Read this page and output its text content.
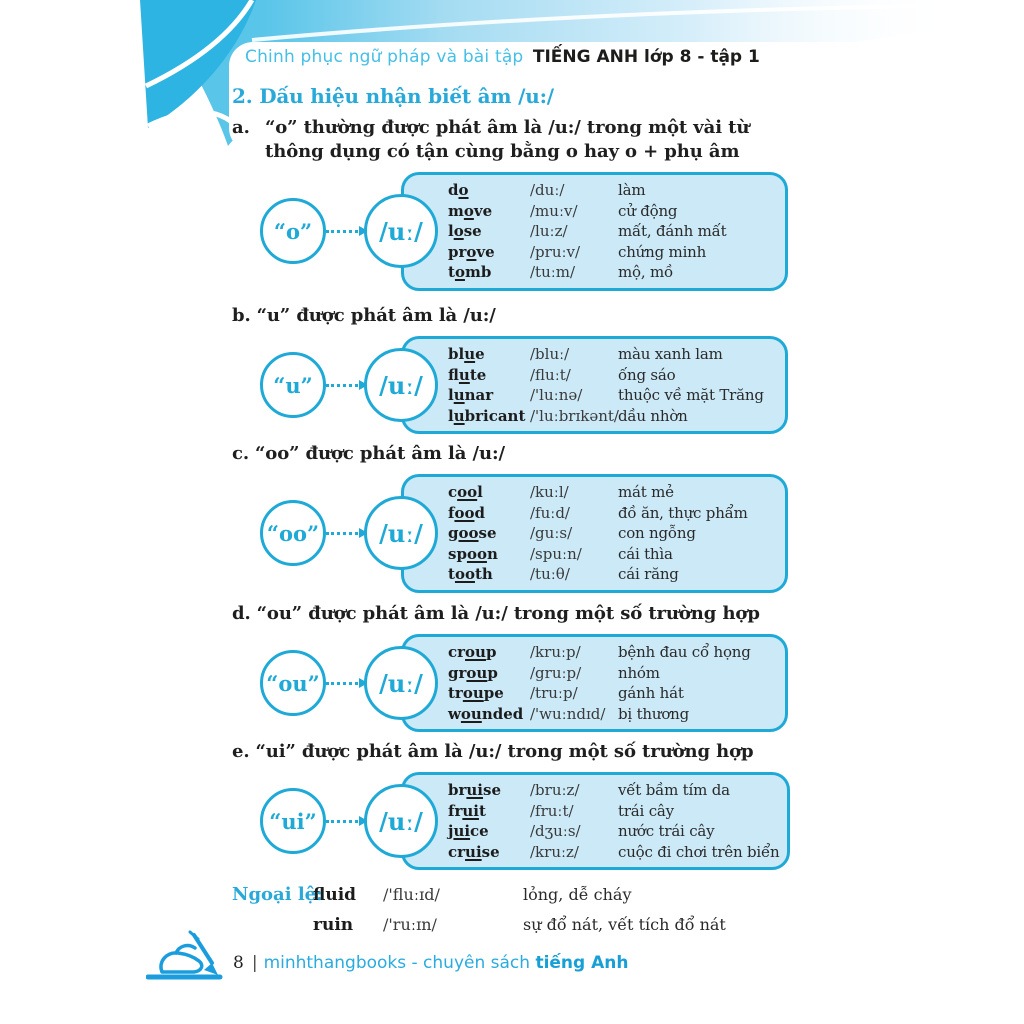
Chinh phục ngữ pháp và bài tập TIẾNG ANH lớp 8 - tập 1
2. Dấu hiệu nhận biết âm /u:/
a. “o” thường được phát âm là /u:/ trong một vài từ thông dụng có tận cùng bằng o hay o + phụ âm
“o”	/uː/
do	/duː/	làm
move	/muːv/	cử động
lose	/luːz/	mất, đánh mất
prove	/pruːv/	chứng minh
tomb	/tuːm/	mộ, mồ
b. “u” được phát âm là /u:/
“u”	/uː/
blue	/bluː/	màu xanh lam
flute	/fluːt/	ống sáo
lunar	/'luːnə/	thuộc về mặt Trăng
lubricant /'luːbrɪkənt/ dầu nhờn
c. “oo” được phát âm là /u:/
“oo”	/uː/
cool	/kuːl/	mát mẻ
food	/fuːd/	đồ ăn, thực phẩm
goose	/guːs/	con ngỗng
spoon	/spuːn/	cái thìa
tooth	/tuːθ/	cái răng
d. “ou” được phát âm là /u:/ trong một số trường hợp
“ou”	/uː/
croup	/kruːp/	bệnh đau cổ họng
group	/gruːp/	nhóm
troupe	/truːp/	gánh hát
wounded /'wuːndɪd/ bị thương
e. “ui” được phát âm là /u:/ trong một số trường hợp
“ui”	/uː/
bruise	/bruːz/	vết bầm tím da
fruit	/fruːt/	trái cây
juice	/dʒuːs/	nước trái cây
cruise	/kruːz/	cuộc đi chơi trên biển
Ngoại lệ:
fluid	/'fluːɪd/	lỏng, dễ cháy
ruin	/'ruːɪn/	sự đổ nát, vết tích đổ nát
8 | minhthangbooks - chuyên sách tiếng Anh
